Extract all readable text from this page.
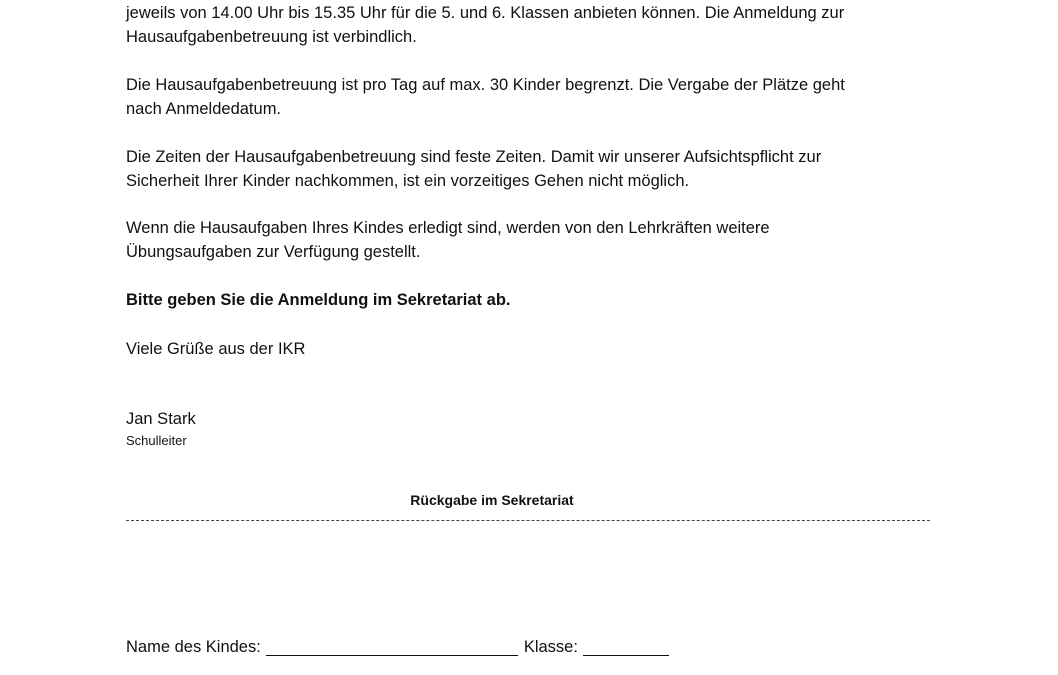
jeweils von 14.00 Uhr bis 15.35 Uhr für die 5. und 6. Klassen anbieten können. Die Anmeldung zur
Hausaufgabenbetreuung ist verbindlich.
Die Hausaufgabenbetreuung ist pro Tag auf max. 30 Kinder begrenzt. Die Vergabe der Plätze geht
nach Anmeldedatum.
Die Zeiten der Hausaufgabenbetreuung sind feste Zeiten. Damit wir unserer Aufsichtspflicht zur
Sicherheit Ihrer Kinder nachkommen, ist ein vorzeitiges Gehen nicht möglich.
Wenn die Hausaufgaben Ihres Kindes erledigt sind, werden von den Lehrkräften weitere
Übungsaufgaben zur Verfügung gestellt.

Bitte geben Sie die Anmeldung im Sekretariat ab.

Viele Grüße aus der IKR

Jan Stark

Schulleiter

Rückgabe im Sekretariat
Name des Kindes:	Klasse:
